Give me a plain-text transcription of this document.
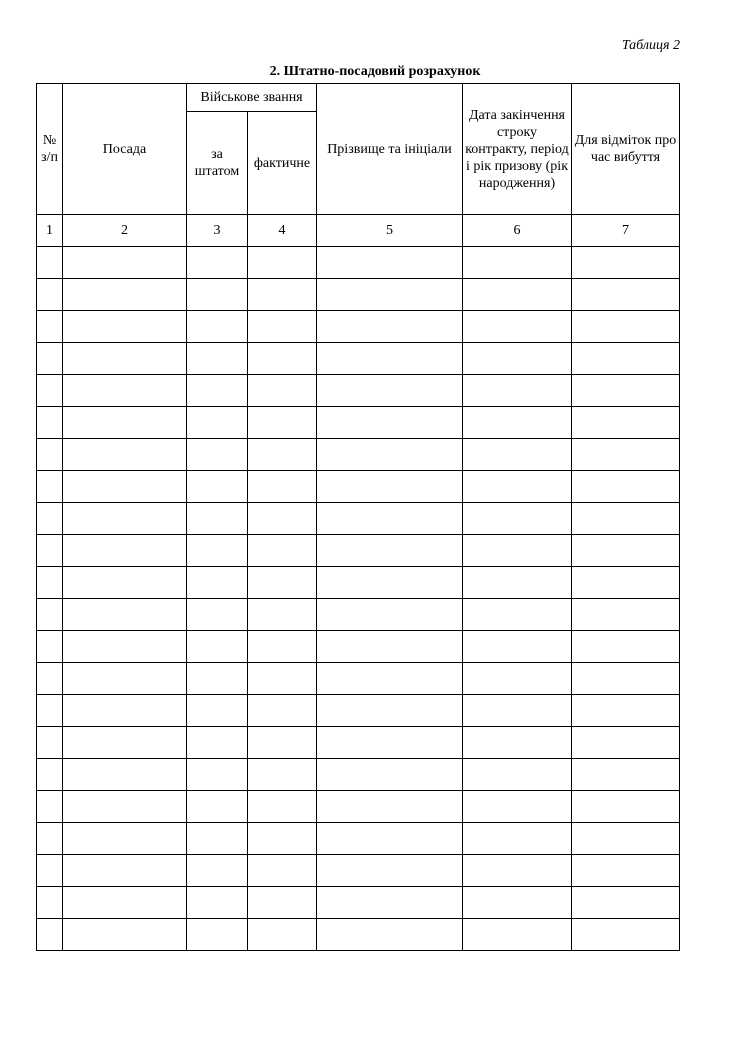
Таблиця 2
2. Штатно-посадовий розрахунок
№ з/п	Посада	Військове звання		Прізвище та ініціали	Дата закінчення строку контракту, період і рік призову (рік народження)	Для відміток про час вибуття
		за штатом	фактичне			
1	2	3	4	5	6	7
